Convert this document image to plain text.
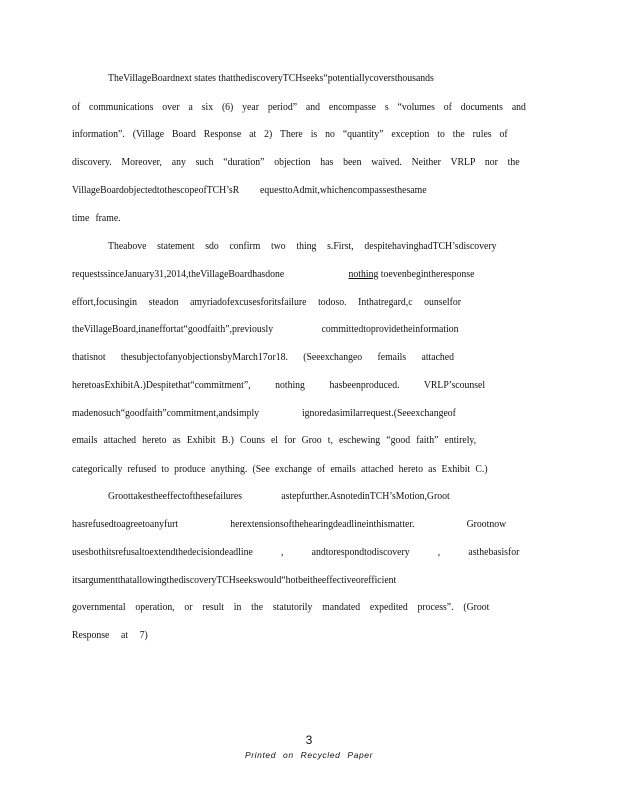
TheVillageBoardnext states thatthediscoveryTCHseeks“potentiallycoversthousands
of communications over a six (6) year period” and encompasse s “volumes of documents and
information”. (Village Board Response at 2) There is no “quantity” exception to the rules of
discovery. Moreover, any such “duration” objection has been waived. Neither VRLP nor the
VillageBoardobjectedtothescopeofTCH’sR equesttoAdmit,whichencompassesthesame
time frame.
Theabove statement sdo confirm two thing s.First, despitehavinghadTCH’sdiscovery
requestssinceJanuary31,2014,theVillageBoardhasdone	nothing toevenbegintheresponse
effort,focusingin steadon amyriadofexcusesforitsfailure todoso. Inthatregard,c ounselfor
theVillageBoard,inaneffortat“goodfaith”,previously committedtoprovidetheinformation
thatisnot thesubjectofanyobjectionsbyMarch17or18. (Seeexchangeo femails attached
heretoasExhibitA.)Despitethat“commitment”, nothing hasbeenproduced. VRLP’scounsel
madenosuch“goodfaith”commitment,andsimply ignoredasimilarrequest.(Seeexchangeof
emails attached hereto as Exhibit B.) Couns el for Groo t, eschewing “good faith” entirely,
categorically refused to produce anything. (See exchange of emails attached hereto as Exhibit C.)
Groottakestheeffectofthesefailures astepfurther.AsnotedinTCH’sMotion,Groot
hasrefusedtoagreetoanyfurt herextensionsofthehearingdeadlineinthismatter. Grootnow
usesbothitsrefusaltoextendthedecisiondeadline , andtorespondtodiscovery , asthebasisfor
itsargumentthatallowingthediscoveryTCHseekswould“hotbeitheeffectiveorefficient
governmental operation, or result in the statutorily mandated expedited process”. (Groot
Response at 7)
3
Printed on Recycled Paper
